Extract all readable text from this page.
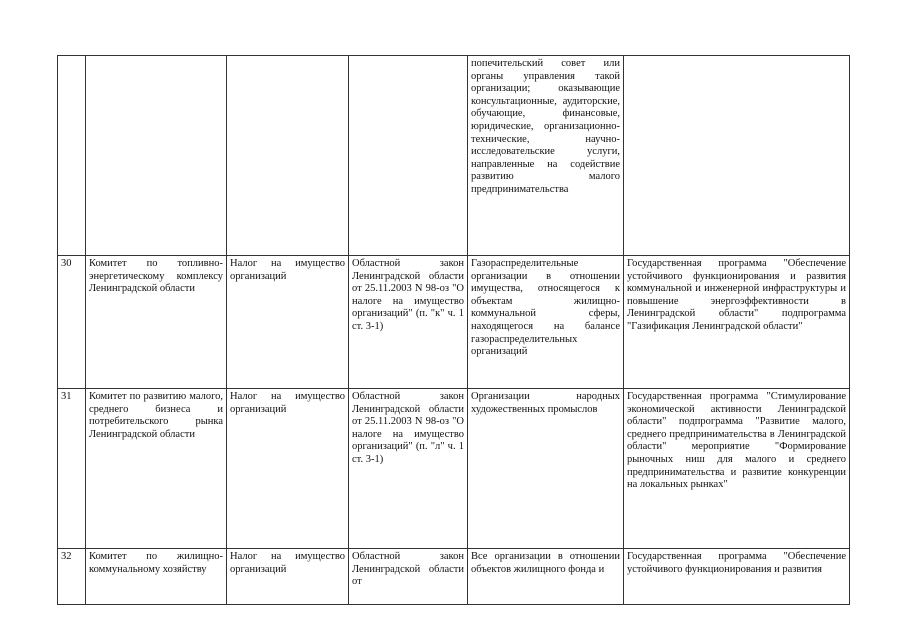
				попечительский совет или органы управления такой организации; оказывающие консультационные, аудиторские, обучающие, финансовые, юридические, организационно-технические, научно-исследовательские услуги, направленные на содействие развитию малого предпринимательства	
30	Комитет по топливно-энергетическому комплексу Ленинградской области	Налог на имущество организаций	Областной закон Ленинградской области от 25.11.2003 N 98-оз "О налоге на имущество организаций" (п. "к" ч. 1 ст. 3-1)	Газораспределительные организации в отношении имущества, относящегося к объектам жилищно-коммунальной сферы, находящегося на балансе газораспределительных организаций	Государственная программа "Обеспечение устойчивого функционирования и развития коммунальной и инженерной инфраструктуры и повышение энергоэффективности в Ленинградской области" подпрограмма "Газификация Ленинградской области"
31	Комитет по развитию малого, среднего бизнеса и потребительского рынка Ленинградской области	Налог на имущество организаций	Областной закон Ленинградской области от 25.11.2003 N 98-оз "О налоге на имущество организаций" (п. "л" ч. 1 ст. 3-1)	Организации народных художественных промыслов	Государственная программа "Стимулирование экономической активности Ленинградской области" подпрограмма "Развитие малого, среднего предпринимательства в Ленинградской области" мероприятие "Формирование рыночных ниш для малого и среднего предпринимательства и развитие конкуренции на локальных рынках"
32	Комитет по жилищно-коммунальному хозяйству	Налог на имущество организаций	Областной закон Ленинградской области от	Все организации в отношении объектов жилищного фонда и	Государственная программа "Обеспечение устойчивого функционирования и развития
